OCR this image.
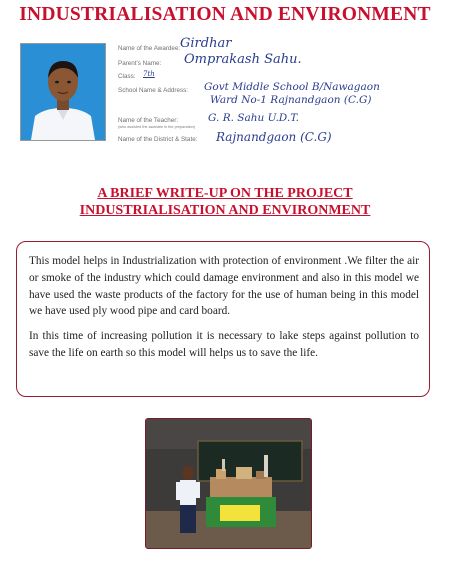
INDUSTRIALISATION AND ENVIRONMENT
Name of the Awardee: Girdhar
Parent's Name: Omprakash Sahu.
Class: 7th
School Name & Address: Govt Middle School B/Nawagaon
Ward No-1 Rajnandgaon (C.G)
Name of the Teacher:
(who assisted the awardee in the preparation)
G. R. Sahu U.D.T.
Name of the District & State: Rajnandgaon (C.G)
A BRIEF WRITE-UP ON THE PROJECT
INDUSTRIALISATION AND ENVIRONMENT

This model helps in Industrialization with protection of environment .We filter the air or smoke of the industry which could damage environment and also in this model we have used the waste products of the factory for the use of human being in this model we have used ply wood pipe and card board.

In this time of increasing pollution it is necessary to lake steps against pollution to save the life on earth so this model will helps us to save the life.
